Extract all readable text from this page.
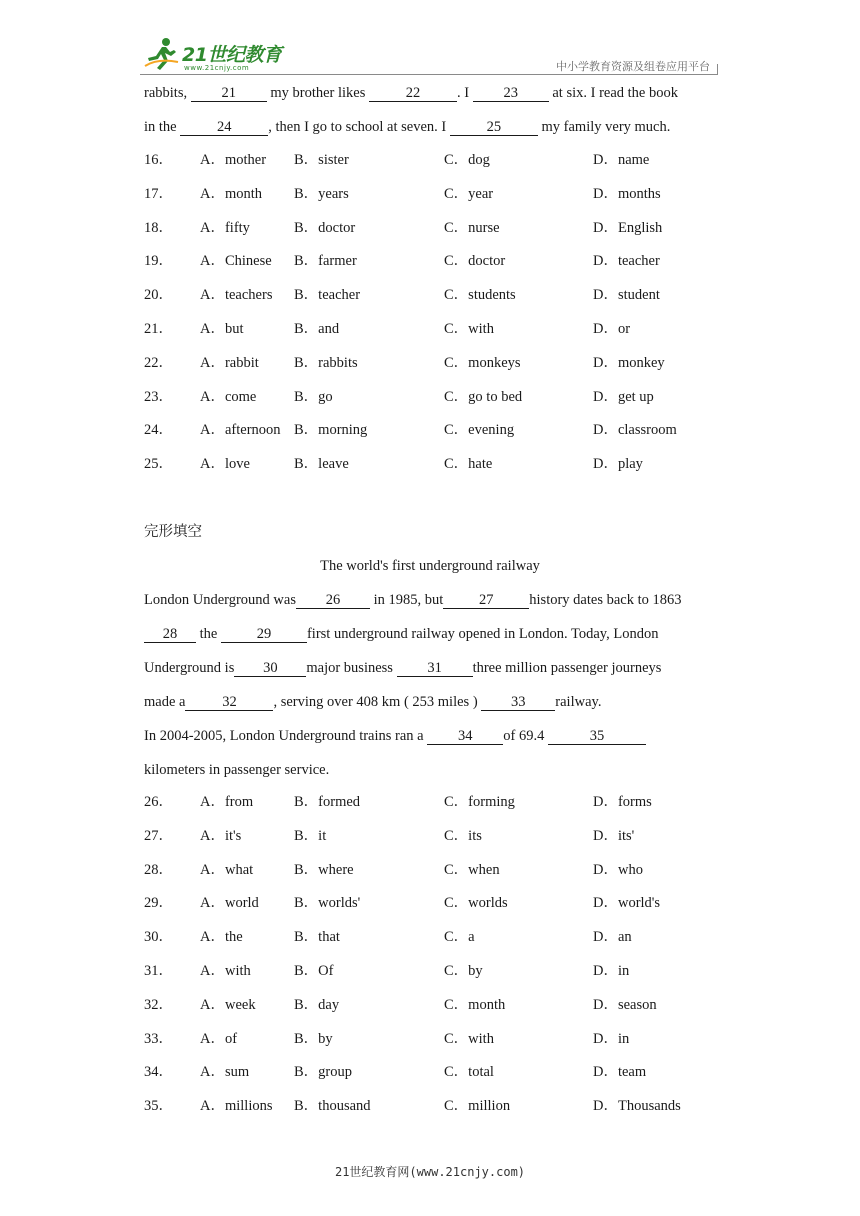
21世纪教育
www.21cnjy.com	中小学教育资源及组卷应用平台
rabbits, 21 my brother likes	22	. I 23 at six. I read the book
in the	24	, then I go to school at seven. I	25	my family very much.
16． A．mother B．sister	C．dog	D．name
17． A．month B．years	C．year	D．months
18． A．fifty	B．doctor	C．nurse	D．English
19． A．Chinese B．farmer	C．doctor	D．teacher
20． A．teachers B．teacher	C．students	D．student
21． A．but	B．and	C．with	D．or
22． A．rabbit B．rabbits	C．monkeys	D．monkey
23． A．come	B．go	C．go to bed	D．get up
24． A．afternoon B．morning	C．evening	D．classroom
25． A．love	B．leave	C．hate	D．play
完形填空
The world's first underground railway
London Underground was 26 in 1985, but 27 history dates back to 1863
28 the 29 first underground railway opened in London. Today, London
Underground is 30 major business 31 three million passenger journeys
made a	32	, serving over 408 km ( 253 miles ) 33 railway.
In 2004-2005, London Underground trains ran a 34 of 69.4	35
kilometers in passenger service.
26． A．from	B．formed	C．forming	D．forms
27． A．it's	B．it	C．its	D．its'
28． A．what	B．where	C．when	D．who
29． A．world B．worlds'	C．worlds	D．world's
30． A．the	B．that	C．a	D．an
31． A．with	B．Of	C．by	D．in
32． A．week	B．day	C．month	D．season
33． A．of	B．by	C．with	D．in
34． A．sum	B．group	C．total	D．team
35． A．millions B．thousand	C．million	D．Thousands
21世纪教育网(www.21cnjy.com)
